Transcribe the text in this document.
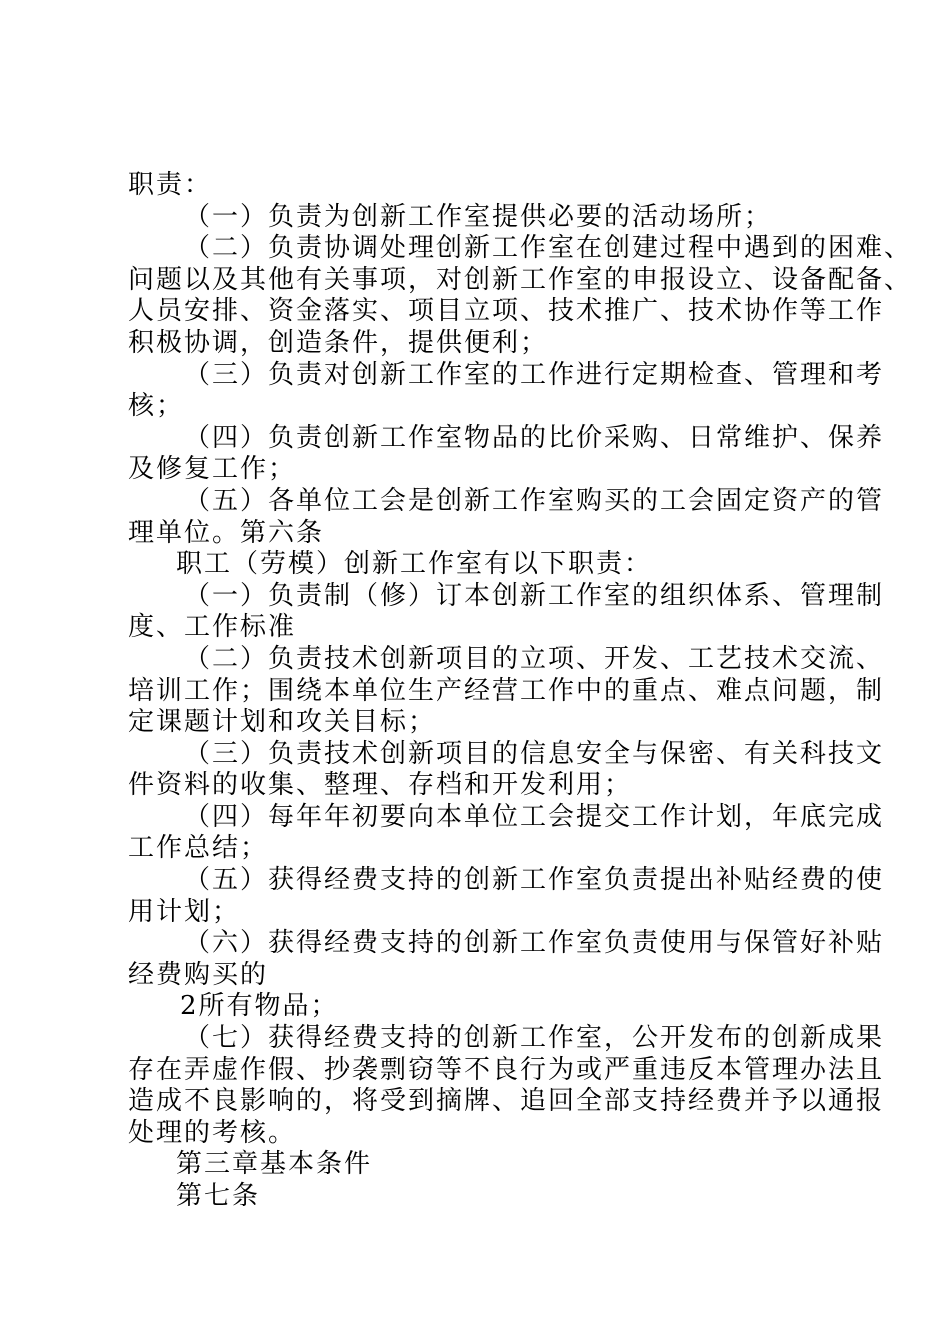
职责：
（一）负责为创新工作室提供必要的活动场所；
（二）负责协调处理创新工作室在创建过程中遇到的困难、
问题以及其他有关事项，对创新工作室的申报设立、设备配备、
人员安排、资金落实、项目立项、技术推广、技术协作等工作
积极协调，创造条件，提供便利；
（三）负责对创新工作室的工作进行定期检查、管理和考
核；
（四）负责创新工作室物品的比价采购、日常维护、保养
及修复工作；
（五）各单位工会是创新工作室购买的工会固定资产的管
理单位。第六条
职工（劳模）创新工作室有以下职责：
（一）负责制（修）订本创新工作室的组织体系、管理制
度、工作标准
（二）负责技术创新项目的立项、开发、工艺技术交流、
培训工作；围绕本单位生产经营工作中的重点、难点问题，制
定课题计划和攻关目标；
（三）负责技术创新项目的信息安全与保密、有关科技文
件资料的收集、整理、存档和开发利用；
（四）每年年初要向本单位工会提交工作计划，年底完成
工作总结；
（五）获得经费支持的创新工作室负责提出补贴经费的使
用计划；
（六）获得经费支持的创新工作室负责使用与保管好补贴
经费购买的
2所有物品；
（七）获得经费支持的创新工作室，公开发布的创新成果
存在弄虚作假、抄袭剽窃等不良行为或严重违反本管理办法且
造成不良影响的，将受到摘牌、追回全部支持经费并予以通报
处理的考核。
第三章基本条件
第七条
